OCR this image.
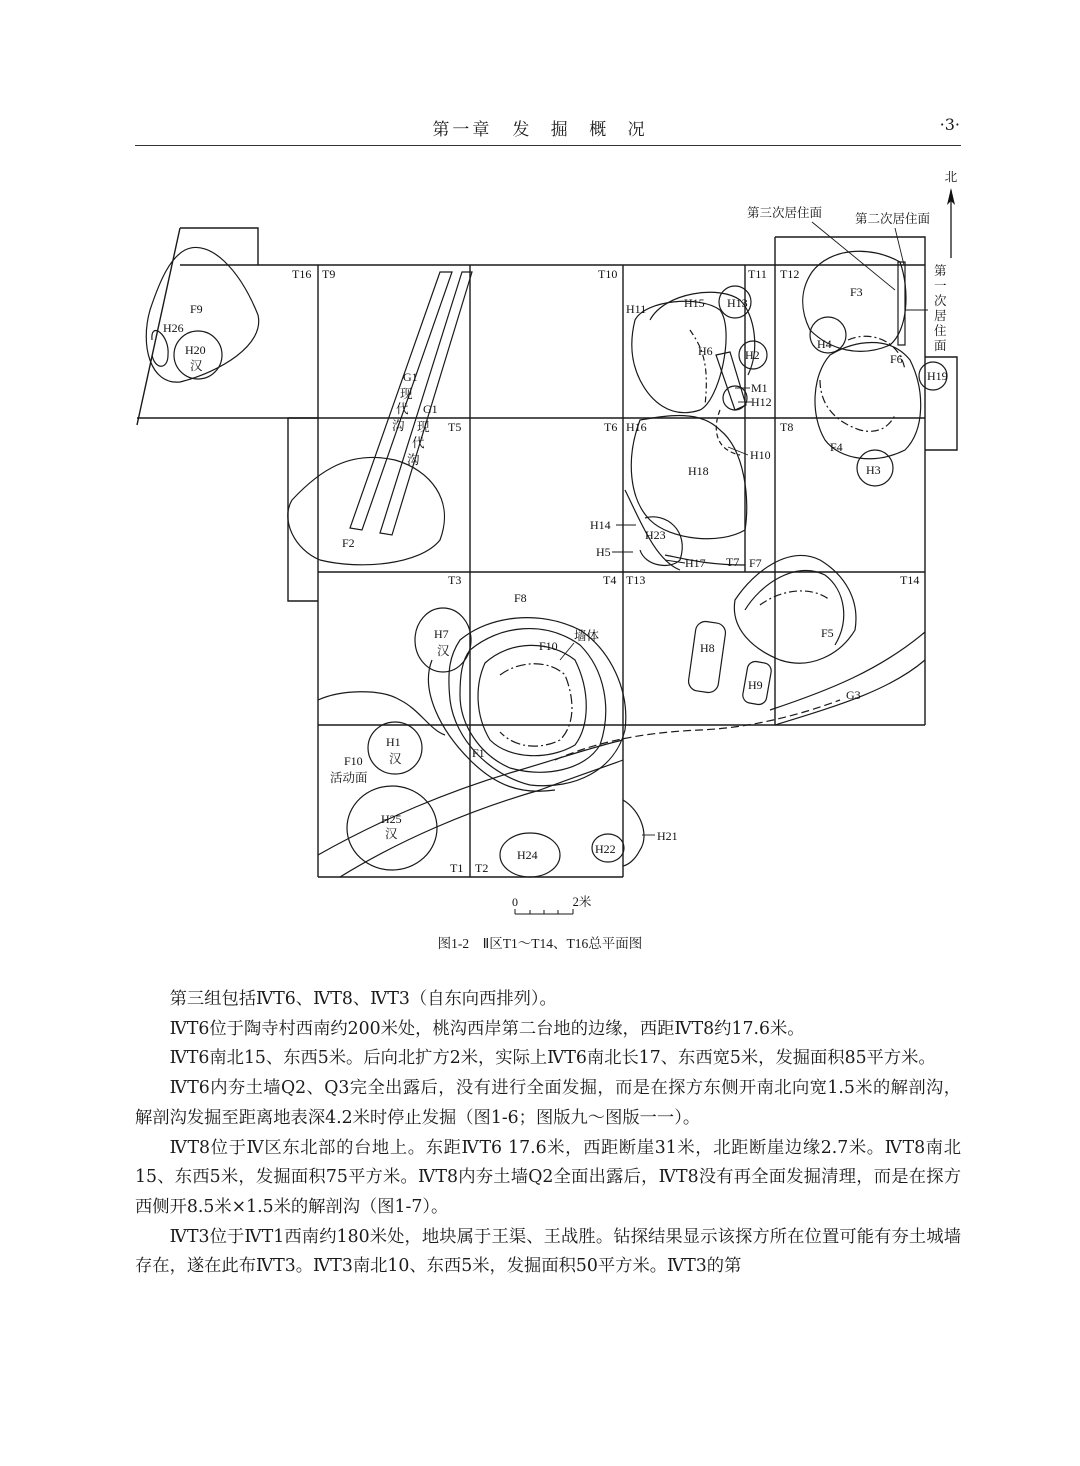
第一章　发 掘 概 况	·3·
北
0	2米
T16 T9	T10	T11 T12
T5	T6	T8
T3	T4 T13	T14
T7
T1 T2
F9
H26
H20
汉
G1
现
代
沟
G1
现
代
沟
F2
H11	H15 H13
H6	H2
M1
H12
H16
H18
H10
H14
H23
H5
H17
F3
H4
F6
H19
F4
H3
F7
F5
H8
H9
G3
H7
汉
F8
F10
墙体
H1
汉
F10
活动面
F1
H25
汉
H24	H22
H21
第三次居住面	第二次居住面
第
一
次
居
住
面
图1-2　Ⅱ区T1～T14、T16总平面图

第三组包括ⅣT6、ⅣT8、ⅣT3（自东向西排列）。

ⅣT6位于陶寺村西南约200米处，桃沟西岸第二台地的边缘，西距ⅣT8约17.6米。

ⅣT6南北15、东西5米。后向北扩方2米，实际上ⅣT6南北长17、东西宽5米，发掘面积85平方米。

ⅣT6内夯土墙Q2、Q3完全出露后，没有进行全面发掘，而是在探方东侧开南北向宽1.5米的解剖沟，解剖沟发掘至距离地表深4.2米时停止发掘（图1-6；图版九～图版一一）。

ⅣT8位于Ⅳ区东北部的台地上。东距ⅣT6 17.6米，西距断崖31米，北距断崖边缘2.7米。ⅣT8南北15、东西5米，发掘面积75平方米。ⅣT8内夯土墙Q2全面出露后，ⅣT8没有再全面发掘清理，而是在探方西侧开8.5米×1.5米的解剖沟（图1-7）。

ⅣT3位于ⅣT1西南约180米处，地块属于王渠、王战胜。钻探结果显示该探方所在位置可能有夯土城墙存在，遂在此布ⅣT3。ⅣT3南北10、东西5米，发掘面积50平方米。ⅣT3的第
